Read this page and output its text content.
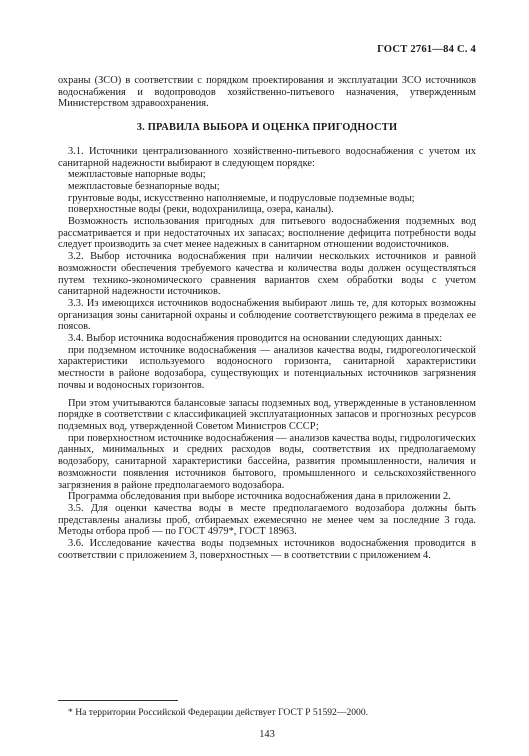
ГОСТ 2761—84 С. 4

охраны (ЗСО) в соответствии с порядком проектирования и эксплуатации ЗСО источников водоснабжения и водопроводов хозяйственно-питьевого назначения, утвержденным Министерством здравоохранения.

3. ПРАВИЛА ВЫБОРА И ОЦЕНКА ПРИГОДНОСТИ

3.1. Источники централизованного хозяйственно-питьевого водоснабжения с учетом их санитарной надежности выбирают в следующем порядке:

межпластовые напорные воды;

межпластовые безнапорные воды;

грунтовые воды, искусственно наполняемые, и подрусловые подземные воды;

поверхностные воды (реки, водохранилища, озера, каналы).

Возможность использования пригодных для питьевого водоснабжения подземных вод рассматривается и при недостаточных их запасах; восполнение дефицита потребности воды следует производить за счет менее надежных в санитарном отношении водоисточников.

3.2. Выбор источника водоснабжения при наличии нескольких источников и равной возможности обеспечения требуемого качества и количества воды должен осуществляться путем технико-экономического сравнения вариантов схем обработки воды с учетом санитарной надежности источников.

3.3. Из имеющихся источников водоснабжения выбирают лишь те, для которых возможны организация зоны санитарной охраны и соблюдение соответствующего режима в пределах ее поясов.

3.4. Выбор источника водоснабжения проводится на основании следующих данных:

при подземном источнике водоснабжения — анализов качества воды, гидрогеологической характеристики используемого водоносного горизонта, санитарной характеристики местности в районе водозабора, существующих и потенциальных источников загрязнения почвы и водоносных горизонтов.

При этом учитываются балансовые запасы подземных вод, утвержденные в установленном порядке в соответствии с классификацией эксплуатационных запасов и прогнозных ресурсов подземных вод, утвержденной Советом Министров СССР;

при поверхностном источнике водоснабжения — анализов качества воды, гидрологических данных, минимальных и средних расходов воды, соответствия их предполагаемому водозабору, санитарной характеристики бассейна, развития промышленности, наличия и возможности появления источников бытового, промышленного и сельскохозяйственного загрязнения в районе предполагаемого водозабора.

Программа обследования при выборе источника водоснабжения дана в приложении 2.

3.5. Для оценки качества воды в месте предполагаемого водозабора должны быть представлены анализы проб, отбираемых ежемесячно не менее чем за последние 3 года. Методы отбора проб — по ГОСТ 4979*, ГОСТ 18963.

3.6. Исследование качества воды подземных источников водоснабжения проводится в соответствии с приложением 3, поверхностных — в соответствии с приложением 4.

* На территории Российской Федерации действует ГОСТ Р 51592—2000.
143
